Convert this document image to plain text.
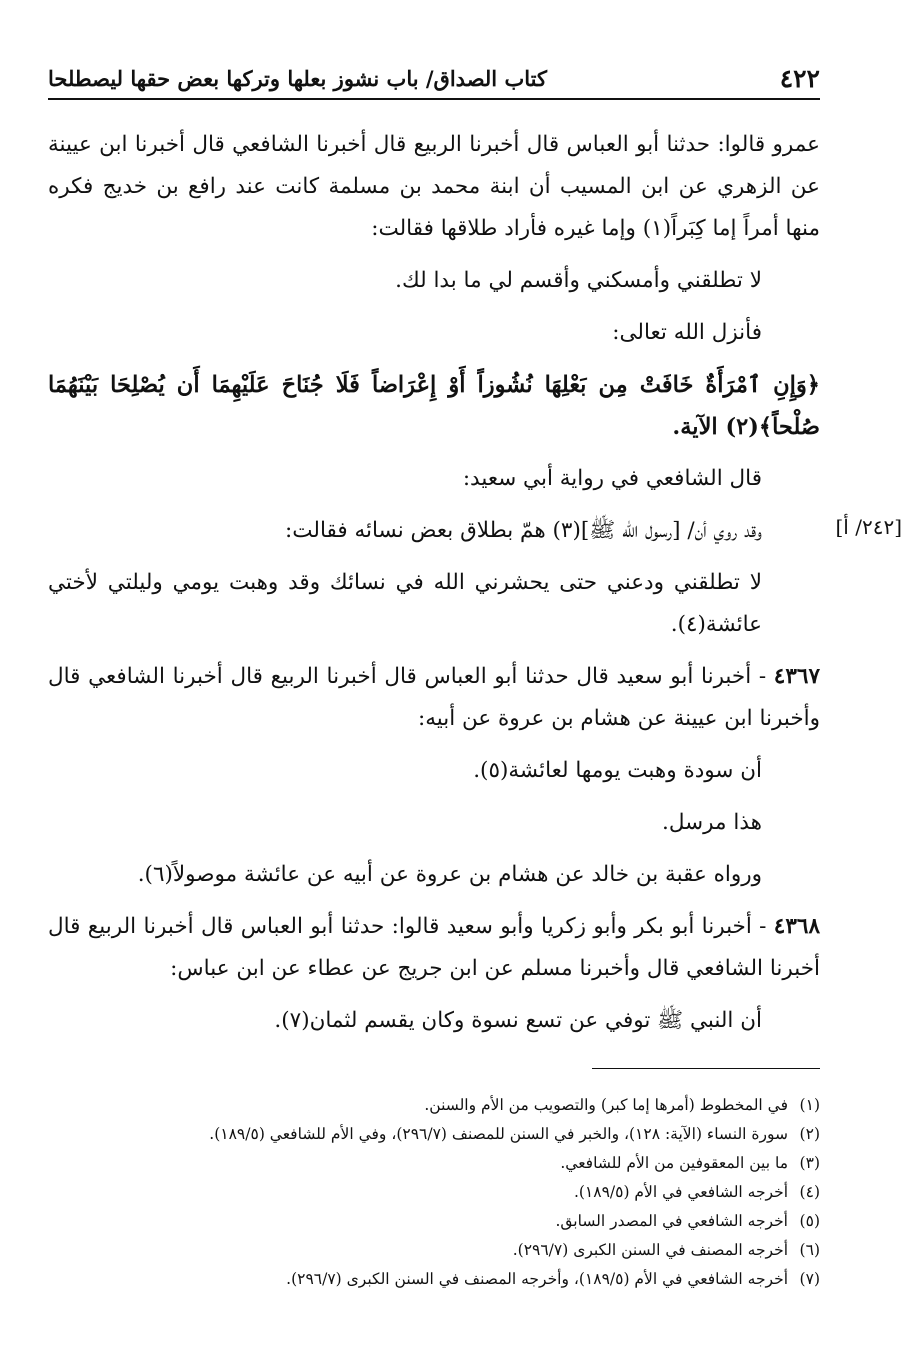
٤٢٢
كتاب الصداق/ باب نشوز بعلها وتركها بعض حقها ليصطلحا
[٢٤٢/ أ]

عمرو قالوا: حدثنا أبو العباس قال أخبرنا الربيع قال أخبرنا الشافعي قال أخبرنا ابن عيينة عن الزهري عن ابن المسيب أن ابنة محمد بن مسلمة كانت عند رافع بن خديج فكره منها أمراً إما كِبَراً(١) وإما غيره فأراد طلاقها فقالت:

لا تطلقني وأمسكني وأقسم لي ما بدا لك.

فأنزل الله تعالى:

﴿وَإِنِ ٱمْرَأَةٌ خَافَتْ مِن بَعْلِهَا نُشُوزاً أَوْ إِعْرَاضاً فَلَا جُنَاحَ عَلَيْهِمَا أَن يُصْلِحَا بَيْنَهُمَا صُلْحاً﴾(٢) الآية.

قال الشافعي في رواية أبي سعيد:

وقد روي أن/ [رسول الله ﷺ](٣) همّ بطلاق بعض نسائه فقالت:

لا تطلقني ودعني حتى يحشرني الله في نسائك وقد وهبت يومي وليلتي لأختي عائشة(٤).

٤٣٦٧ - أخبرنا أبو سعيد قال حدثنا أبو العباس قال أخبرنا الربيع قال أخبرنا الشافعي قال وأخبرنا ابن عيينة عن هشام بن عروة عن أبيه:

أن سودة وهبت يومها لعائشة(٥).

هذا مرسل.

ورواه عقبة بن خالد عن هشام بن عروة عن أبيه عن عائشة موصولاً(٦).

٤٣٦٨ - أخبرنا أبو بكر وأبو زكريا وأبو سعيد قالوا: حدثنا أبو العباس قال أخبرنا الربيع قال أخبرنا الشافعي قال وأخبرنا مسلم عن ابن جريج عن عطاء عن ابن عباس:

أن النبي ﷺ توفي عن تسع نسوة وكان يقسم لثمان(٧).

(١)
في المخطوط (أمرها إما كبر) والتصويب من الأم والسنن.
(٢)
سورة النساء (الآية: ١٢٨)، والخبر في السنن للمصنف (٢٩٦/٧)، وفي الأم للشافعي (١٨٩/٥).
(٣)
ما بين المعقوفين من الأم للشافعي.
(٤)
أخرجه الشافعي في الأم (١٨٩/٥).
(٥)
أخرجه الشافعي في المصدر السابق.
(٦)
أخرجه المصنف في السنن الكبرى (٢٩٦/٧).
(٧)
أخرجه الشافعي في الأم (١٨٩/٥)، وأخرجه المصنف في السنن الكبرى (٢٩٦/٧).
